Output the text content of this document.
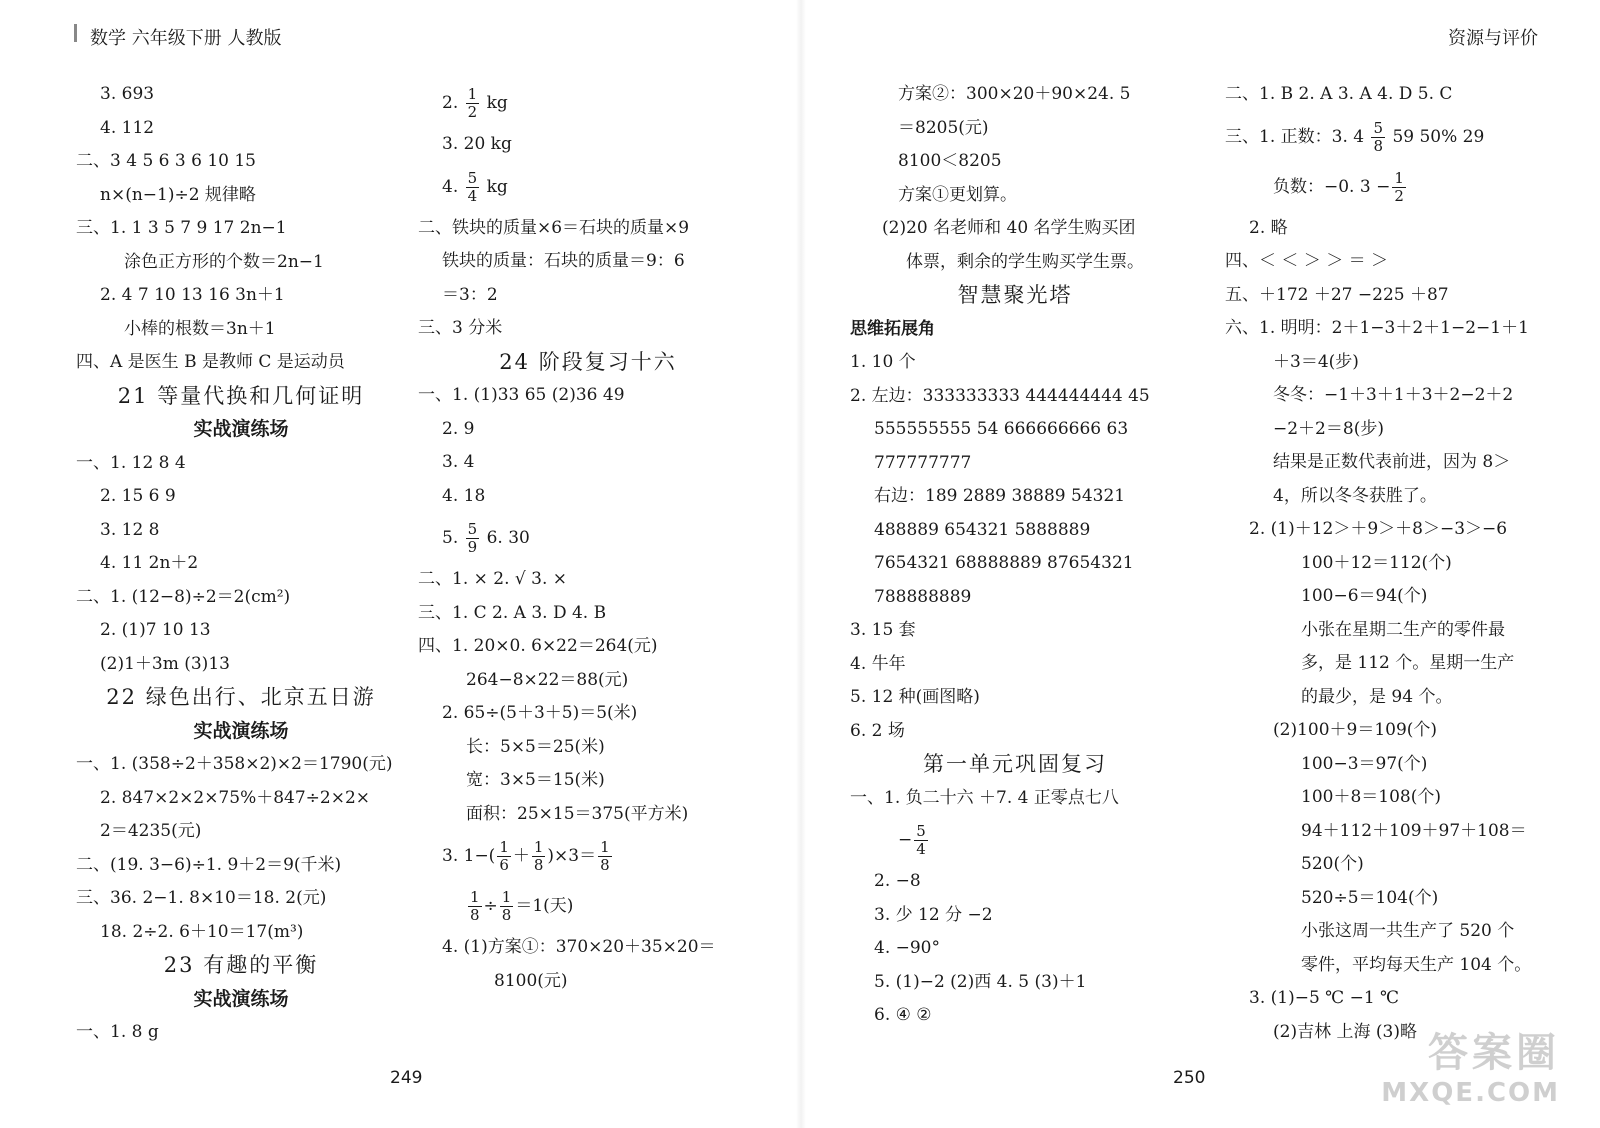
数学 六年级下册 人教版	资源与评价
3. 693
4. 112
二、3 4 5 6 3 6 10 15
n×(n−1)÷2 规律略
三、1. 1 3 5 7 9 17 2n−1
涂色正方形的个数＝2n−1
2. 4 7 10 13 16 3n＋1
小棒的根数＝3n＋1
四、A 是医生 B 是教师 C 是运动员
21 等量代换和几何证明
实战演练场
一、1. 12 8 4
2. 15 6 9
3. 12 8
4. 11 2n＋2
二、1. (12−8)÷2＝2(cm²)
2. (1)7 10 13
(2)1＋3m (3)13
22 绿色出行、北京五日游
实战演练场
一、1. (358÷2＋358×2)×2＝1790(元)
2. 847×2×2×75%＋847÷2×2×
2＝4235(元)
二、(19. 3−6)÷1. 9＋2＝9(千米)
三、36. 2−1. 8×10＝18. 2(元)
18. 2÷2. 6＋10＝17(m³)
23 有趣的平衡
实战演练场
一、1. 8 g
2. $\frac{1}{2}$ kg
3. 20 kg
4. $\frac{5}{4}$ kg
二、铁块的质量×6＝石块的质量×9
铁块的质量：石块的质量＝9：6
＝3：2
三、3 分米
24 阶段复习十六
一、1. (1)33 65 (2)36 49
2. 9
3. 4
4. 18
5. $\frac{5}{9} 6$. 30
二、1. × 2. √ 3. ×
三、1. C 2. A 3. D 4. B
四、1. 20×0. 6×22＝264(元)
264−8×22＝88(元)
2. 65÷(5＋3＋5)＝5(米)
长：5×5＝25(米)
宽：3×5＝15(米)
面积：25×15＝375(平方米)
3. $1-( \frac{1}{6} + \frac{1}{8} )\times 3= \frac{1}{8}$
$\frac{1}{8} \div \frac{1}{8} =1$(天)
4. (1)方案①：370×20＋35×20＝
8100(元)
方案②：300×20＋90×24. 5
＝8205(元)
8100＜8205
方案①更划算。
(2)20 名老师和 40 名学生购买团
体票，剩余的学生购买学生票。
智慧聚光塔
思维拓展角
1. 10 个
2. 左边：333333333 444444444 45
555555555 54 666666666 63
777777777
右边：189 2889 38889 54321
488889 654321 5888889
7654321 68888889 87654321
788888889
3. 15 套
4. 牛年
5. 12 种(画图略)
6. 2 场
第一单元巩固复习
一、1. 负二十六 ＋7. 4 正零点七八
− $\frac{5}{4}$
2. −8
3. 少 12 分 −2
4. −90°
5. (1)−2 (2)西 4. 5 (3)＋1
6. ④ ②
二、1. B 2. A 3. A 4. D 5. C
三、1. 正数：3. $4 \frac{5}{8} 59$ 50% 29
负数：−0. $3 - \frac{1}{2}$
2. 略
四、＜ ＜ ＞ ＞ ＝ ＞
五、＋172 ＋27 −225 ＋87
六、1. 明明：2＋1−3＋2＋1−2−1＋1
＋3＝4(步)
冬冬：−1＋3＋1＋3＋2−2＋2
−2＋2＝8(步)
结果是正数代表前进，因为 8＞
4，所以冬冬获胜了。
2. (1)＋12＞＋9＞＋8＞−3＞−6
100＋12＝112(个)
100−6＝94(个)
小张在星期二生产的零件最
多，是 112 个。星期一生产
的最少，是 94 个。
(2)100＋9＝109(个)
100−3＝97(个)
100＋8＝108(个)
94＋112＋109＋97＋108＝
520(个)
520÷5＝104(个)
小张这周一共生产了 520 个
零件，平均每天生产 104 个。
3. (1)−5 ℃ −1 ℃
(2)吉林 上海 (3)略
249	250
答案圈
MXQE.COM
